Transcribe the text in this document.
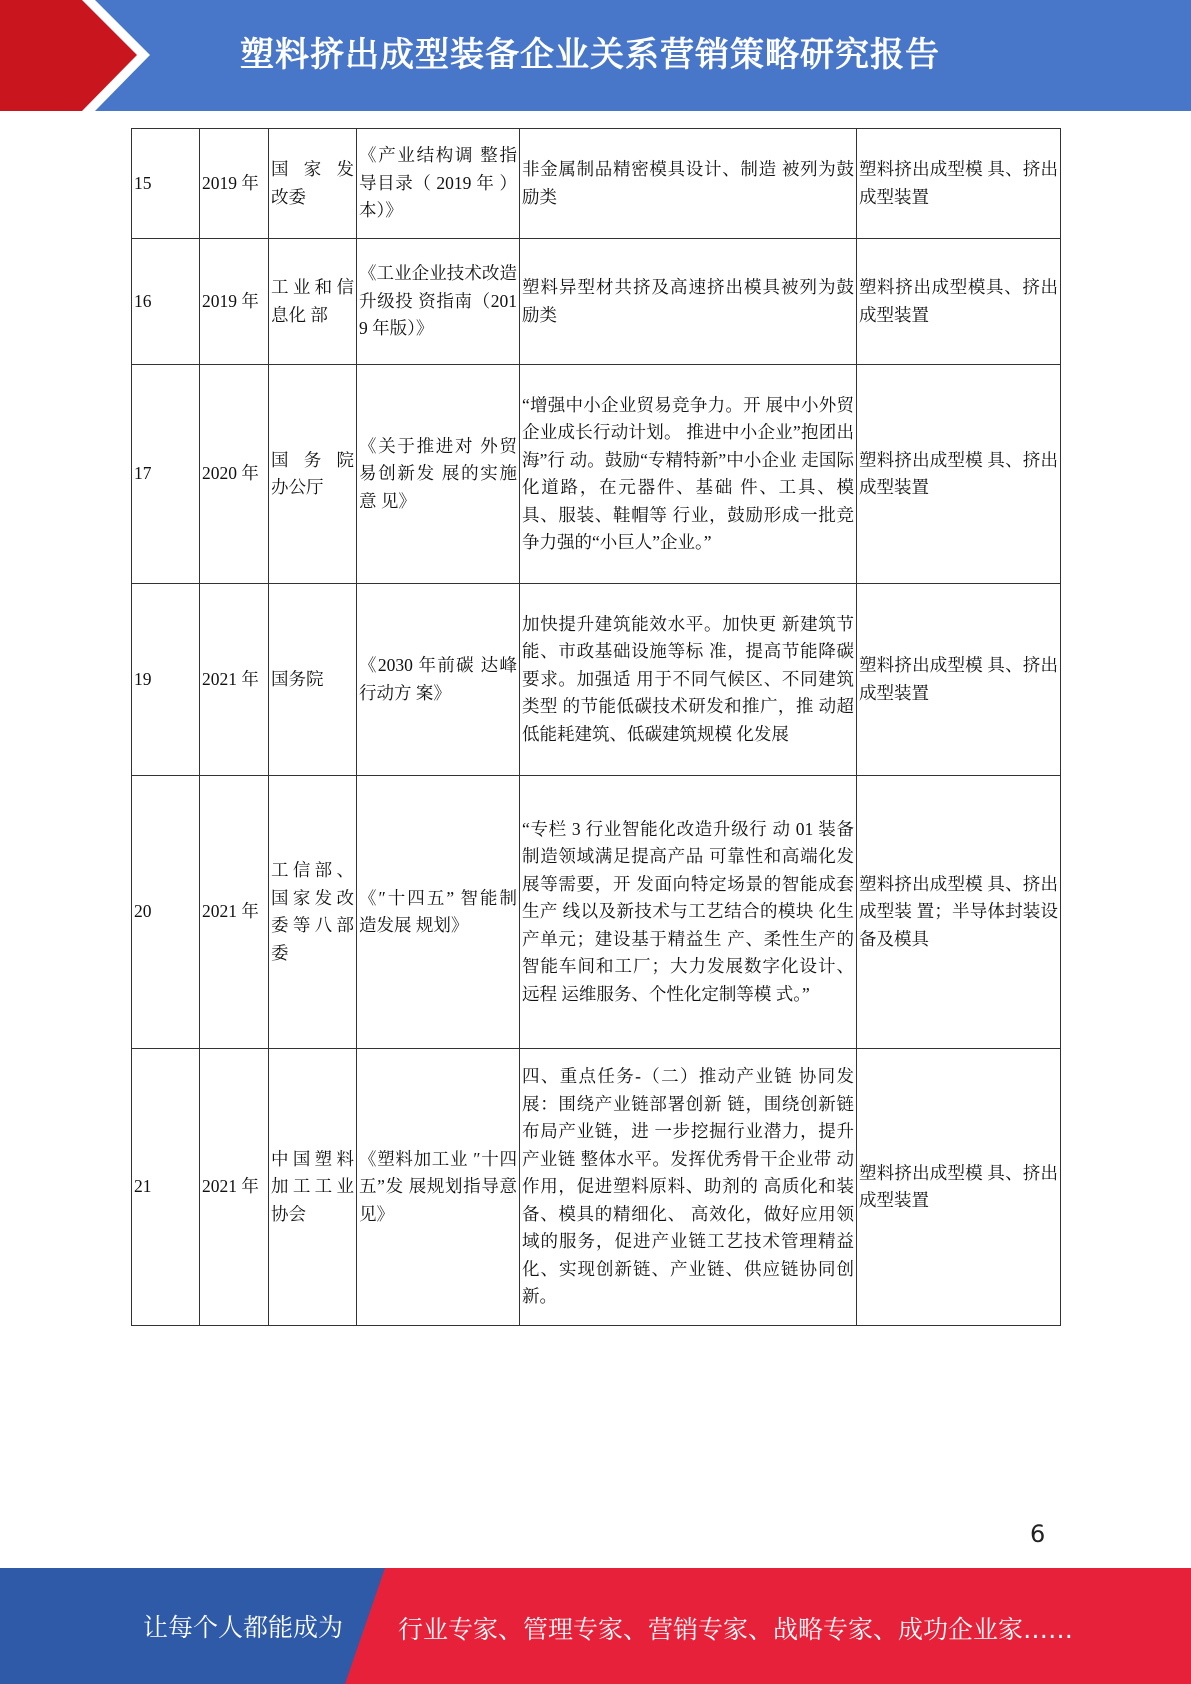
塑料挤出成型装备企业关系营销策略研究报告
15	2019 年	国 家 发 改委	《产业结构调 整指导目录（ 2019 年 ）本）》	非金属制品精密模具设计、制造 被列为鼓励类	塑料挤出成型模 具、挤出成型装置
16	2019 年	工业和信息化 部	《工业企业技术改造升级投 资指南（2019 年版）》	塑料异型材共挤及高速挤出模具被列为鼓励类	塑料挤出成型模具、挤出成型装置
17	2020 年	国 务 院 办公厅	《关于推进对 外贸易创新发 展的实施意 见》	“增强中小企业贸易竞争力。开 展中小外贸企业成长行动计划。 推进中小企业”抱团出海”行 动。鼓励“专精特新”中小企业 走国际化道路，在元器件、基础 件、工具、模具、服装、鞋帽等 行业，鼓励形成一批竞争力强的“小巨人”企业。”	塑料挤出成型模 具、挤出成型装置
19	2021 年	国务院	《2030 年前碳 达峰行动方 案》	加快提升建筑能效水平。加快更 新建筑节能、市政基础设施等标 准，提高节能降碳要求。加强适 用于不同气候区、不同建筑类型 的节能低碳技术研发和推广，推 动超低能耗建筑、低碳建筑规模 化发展	塑料挤出成型模 具、挤出成型装置
20	2021 年	工信部、国家发改委等八部委	《″十四五” 智能制造发展 规划》	“专栏 3 行业智能化改造升级行 动 01 装备制造领域满足提高产品 可靠性和高端化发展等需要，开 发面向特定场景的智能成套生产 线以及新技术与工艺结合的模块 化生产单元；建设基于精益生 产、柔性生产的智能车间和工厂；大力发展数字化设计、远程 运维服务、个性化定制等模 式。”	塑料挤出成型模 具、挤出成型装 置；半导体封装设 备及模具
21	2021 年	中国塑料加工工业协会	《塑料加工业 ″十四五”发 展规划指导意 见》	四、重点任务-（二）推动产业链 协同发展：围绕产业链部署创新 链，围绕创新链布局产业链，进 一步挖掘行业潜力，提升产业链 整体水平。发挥优秀骨干企业带 动作用，促进塑料原料、助剂的 高质化和装备、模具的精细化、 高效化，做好应用领域的服务，促进产业链工艺技术管理精益 化、实现创新链、产业链、供应链协同创新。	塑料挤出成型模 具、挤出成型装置
6
让每个人都能成为 行业专家、管理专家、营销专家、战略专家、成功企业家……
